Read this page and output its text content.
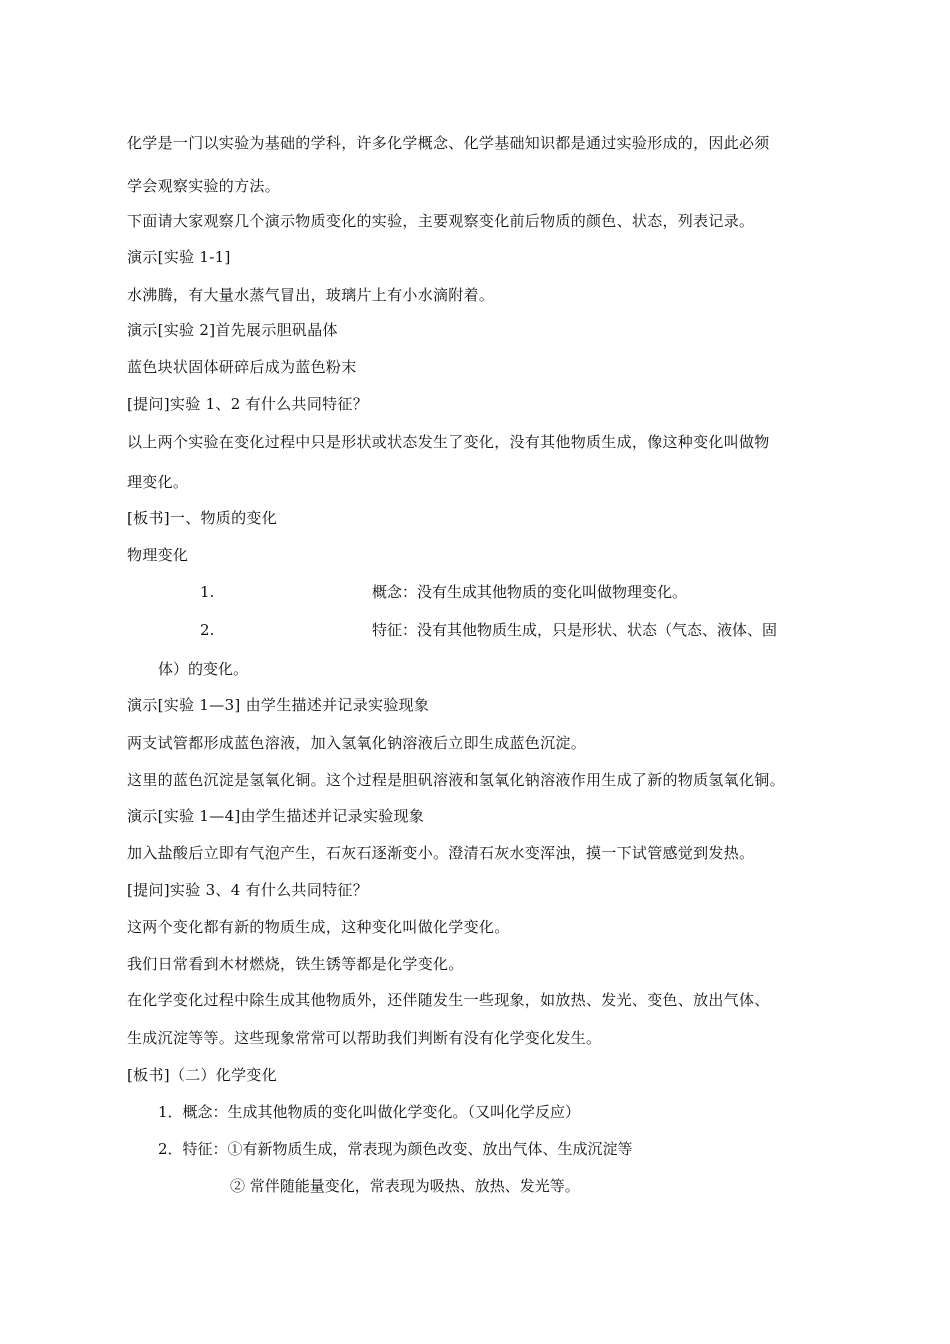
化学是一门以实验为基础的学科，许多化学概念、化学基础知识都是通过实验形成的，因此必须
学会观察实验的方法。
下面请大家观察几个演示物质变化的实验，主要观察变化前后物质的颜色、状态，列表记录。
演示[实验 1-1]
水沸腾，有大量水蒸气冒出，玻璃片上有小水滴附着。
演示[实验 2]首先展示胆矾晶体
蓝色块状固体研碎后成为蓝色粉末
[提问]实验 1、2 有什么共同特征？
以上两个实验在变化过程中只是形状或状态发生了变化，没有其他物质生成，像这种变化叫做物
理变化。
[板书]一、物质的变化
物理变化
1.	概念：没有生成其他物质的变化叫做物理变化。
2.	特征：没有其他物质生成，只是形状、状态（气态、液体、固
体）的变化。
演示[实验 1—3] 由学生描述并记录实验现象
两支试管都形成蓝色溶液，加入氢氧化钠溶液后立即生成蓝色沉淀。
这里的蓝色沉淀是氢氧化铜。这个过程是胆矾溶液和氢氧化钠溶液作用生成了新的物质氢氧化铜。
演示[实验 1—4]由学生描述并记录实验现象
加入盐酸后立即有气泡产生，石灰石逐渐变小。澄清石灰水变浑浊，摸一下试管感觉到发热。
[提问]实验 3、4 有什么共同特征？
这两个变化都有新的物质生成，这种变化叫做化学变化。
我们日常看到木材燃烧，铁生锈等都是化学变化。
在化学变化过程中除生成其他物质外，还伴随发生一些现象，如放热、发光、变色、放出气体、
生成沉淀等等。这些现象常常可以帮助我们判断有没有化学变化发生。
[板书]（二）化学变化
1．概念：生成其他物质的变化叫做化学变化。（又叫化学反应）
2．特征：①有新物质生成，常表现为颜色改变、放出气体、生成沉淀等
② 常伴随能量变化，常表现为吸热、放热、发光等。
